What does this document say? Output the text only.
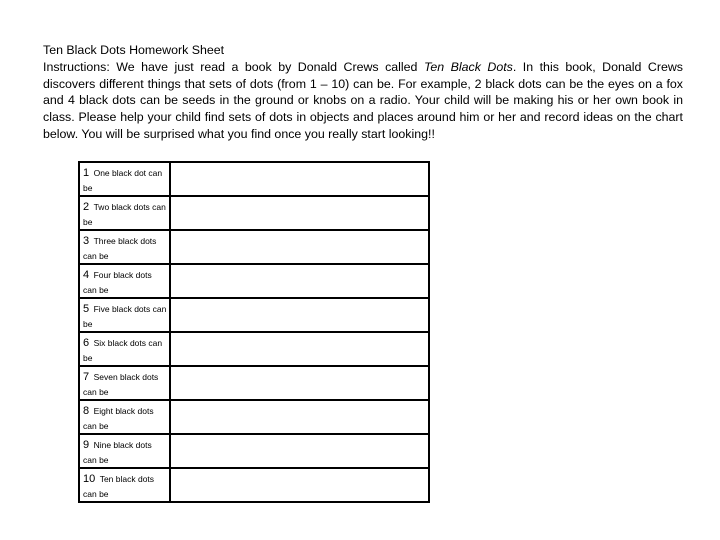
Ten Black Dots Homework Sheet
Instructions: We have just read a book by Donald Crews called Ten Black Dots. In this book, Donald Crews discovers different things that sets of dots (from 1 – 10) can be. For example, 2 black dots can be the eyes on a fox and 4 black dots can be seeds in the ground or knobs on a radio. Your child will be making his or her own book in class. Please help your child find sets of dots in objects and places around him or her and record ideas on the chart below. You will be surprised what you find once you really start looking!!
1 One black dot can be	
2 Two black dots can be	
3 Three black dots can be	
4 Four black dots can be	
5 Five black dots can be	
6 Six black dots can be	
7 Seven black dots can be	
8 Eight black dots can be	
9 Nine black dots can be	
10 Ten black dots can be	
